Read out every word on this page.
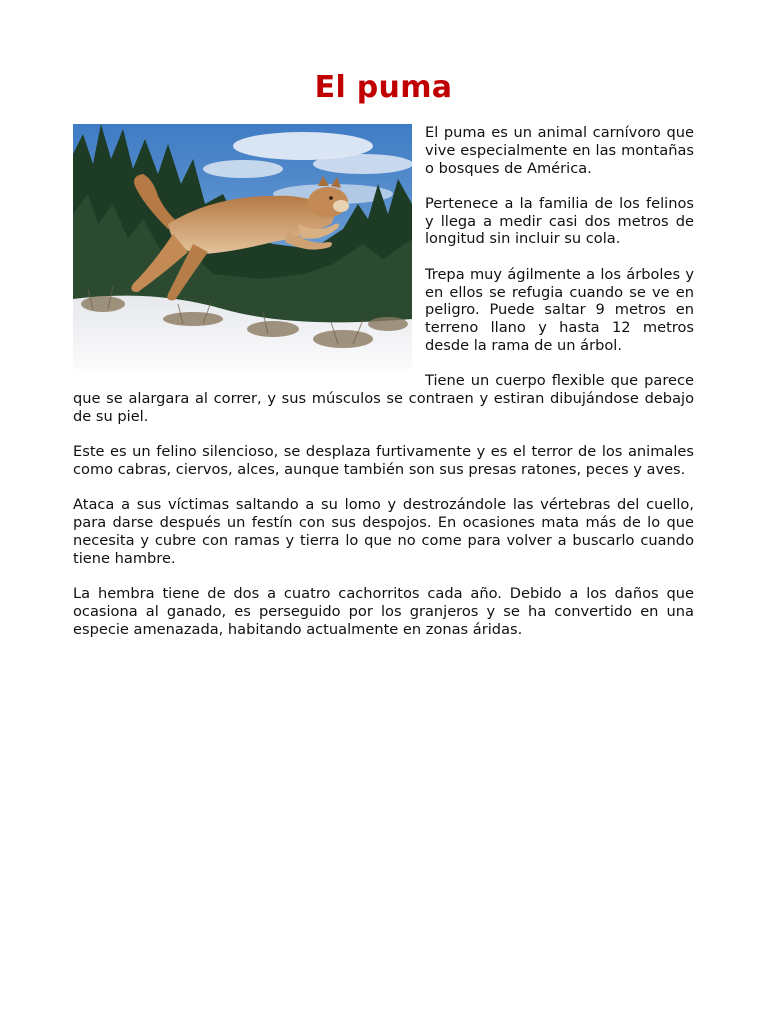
El puma

El puma es un animal carnívoro que vive especialmente en las montañas o bosques de América.

Pertenece a la familia de los felinos y llega a medir casi dos metros de longitud sin incluir su cola.

Trepa muy ágilmente a los árboles y en ellos se refugia cuando se ve en peligro. Puede saltar 9 metros en terreno llano y hasta 12 metros desde la rama de un árbol.

Tiene un cuerpo flexible que parece que se alargara al correr, y sus músculos se contraen y estiran dibujándose debajo de su piel.

Este es un felino silencioso, se desplaza furtivamente y es el terror de los animales como cabras, ciervos, alces, aunque también son sus presas ratones, peces y aves.

Ataca a sus víctimas saltando a su lomo y destrozándole las vértebras del cuello, para darse después un festín con sus despojos. En ocasiones mata más de lo que necesita y cubre con ramas y tierra lo que no come para volver a buscarlo cuando tiene hambre.

La hembra tiene de dos a cuatro cachorritos cada año. Debido a los daños que ocasiona al ganado, es perseguido por los granjeros y se ha convertido en una especie amenazada, habitando actualmente en zonas áridas.
